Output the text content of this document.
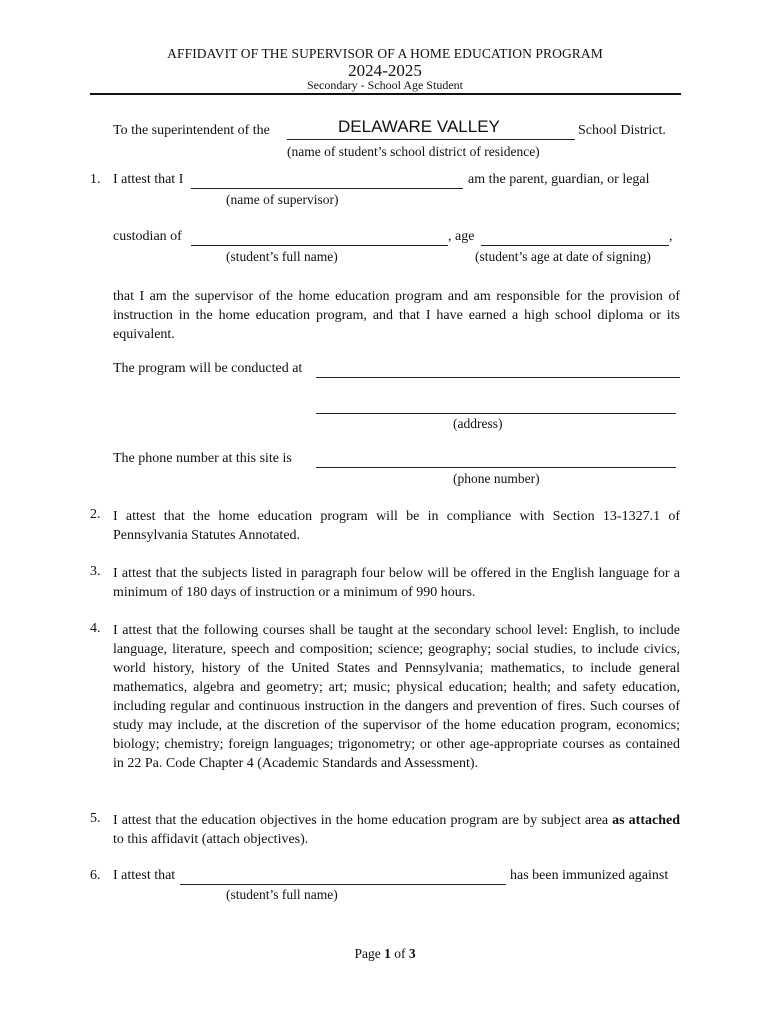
AFFIDAVIT OF THE SUPERVISOR OF A HOME EDUCATION PROGRAM
2024-2025
Secondary - School Age Student
To the superintendent of the	DELAWARE VALLEY	School District.
(name of student’s school district of residence)
1. I attest that I	am the parent, guardian, or legal
(name of supervisor)
custodian of	, age	,
(student’s full name)	(student’s age at date of signing)
that I am the supervisor of the home education program and am responsible for the provision of instruction in the home education program, and that I have earned a high school diploma or its equivalent.
The program will be conducted at
(address)
The phone number at this site is
(phone number)
2. I attest that the home education program will be in compliance with Section 13-1327.1 of Pennsylvania Statutes Annotated.
3. I attest that the subjects listed in paragraph four below will be offered in the English language for a minimum of 180 days of instruction or a minimum of 990 hours.
4. I attest that the following courses shall be taught at the secondary school level: English, to include language, literature, speech and composition; science; geography; social studies, to include civics, world history, history of the United States and Pennsylvania; mathematics, to include general mathematics, algebra and geometry; art; music; physical education; health; and safety education, including regular and continuous instruction in the dangers and prevention of fires. Such courses of study may include, at the discretion of the supervisor of the home education program, economics; biology; chemistry; foreign languages; trigonometry; or other age-appropriate courses as contained in 22 Pa. Code Chapter 4 (Academic Standards and Assessment).
5. I attest that the education objectives in the home education program are by subject area as attached to this affidavit (attach objectives).
6. I attest that	has been immunized against
(student’s full name)
Page 1 of 3
